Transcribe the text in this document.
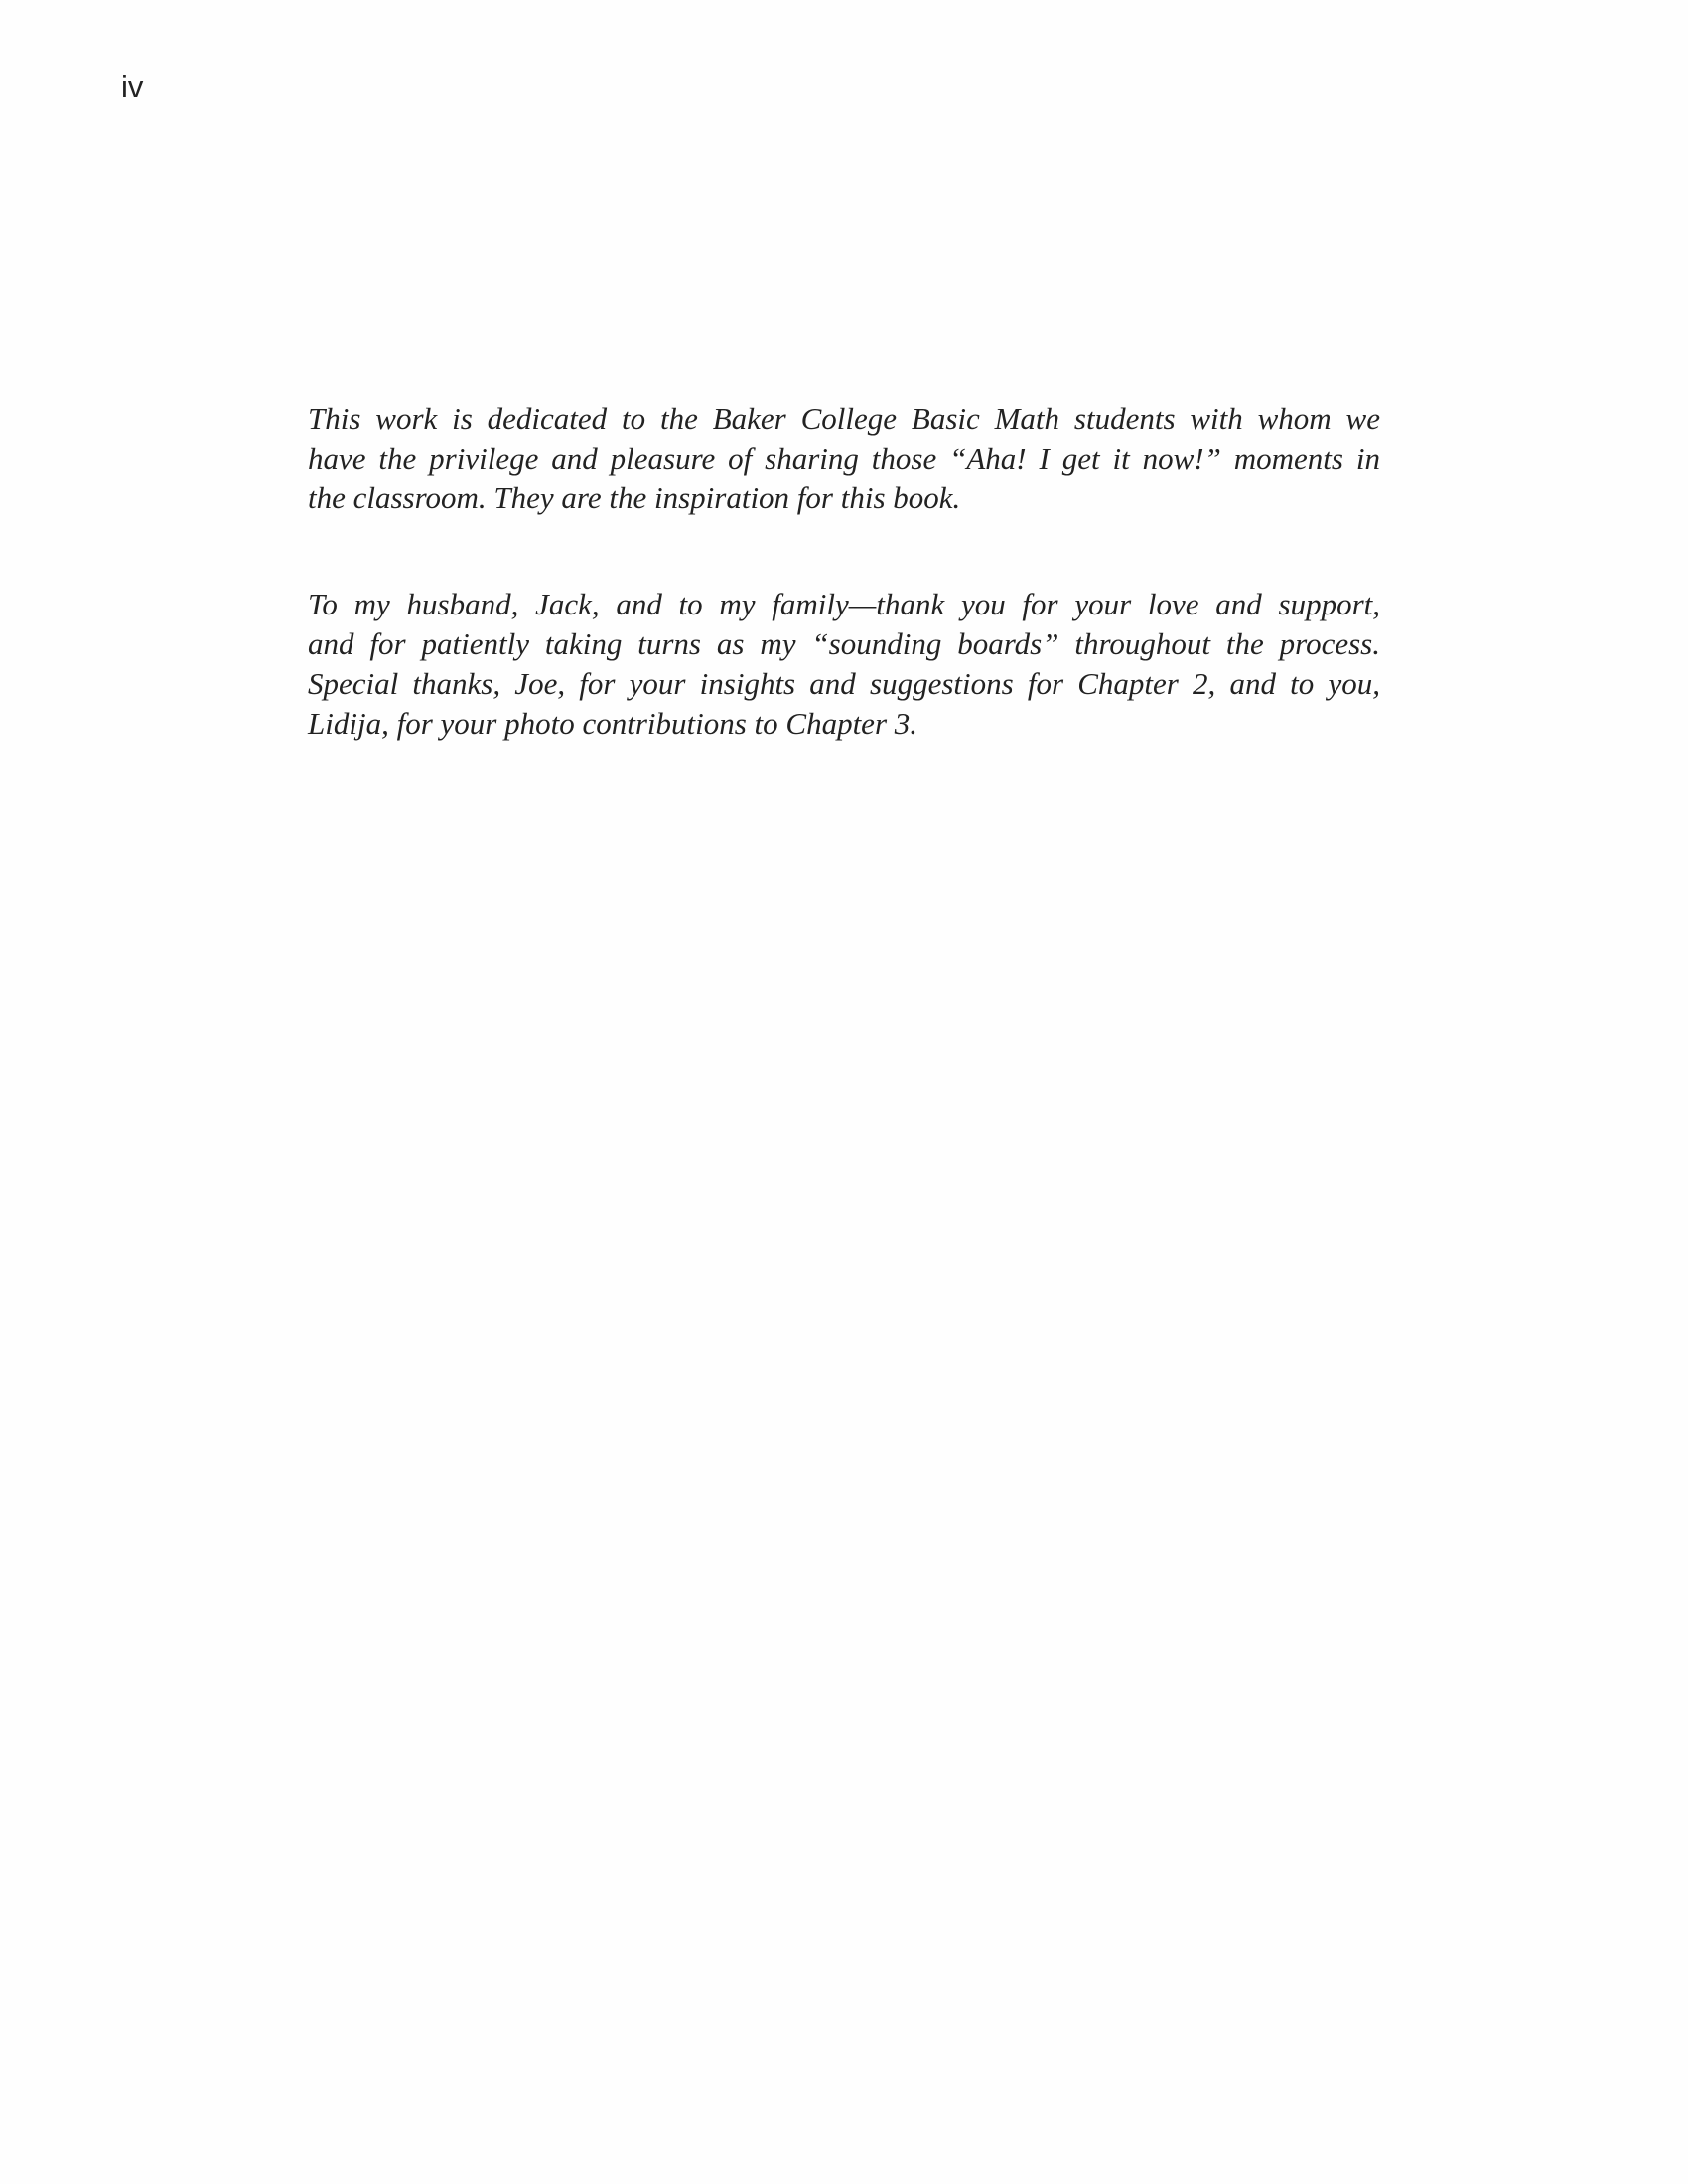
iv
This work is dedicated to the Baker College Basic Math students with whom we
have the privilege and pleasure of sharing those “Aha! I get it now!” moments in
the classroom. They are the inspiration for this book.
To my husband, Jack, and to my family—thank you for your love and support,
and for patiently taking turns as my “sounding boards” throughout the process.
Special thanks, Joe, for your insights and suggestions for Chapter 2, and to you,
Lidija, for your photo contributions to Chapter 3.
